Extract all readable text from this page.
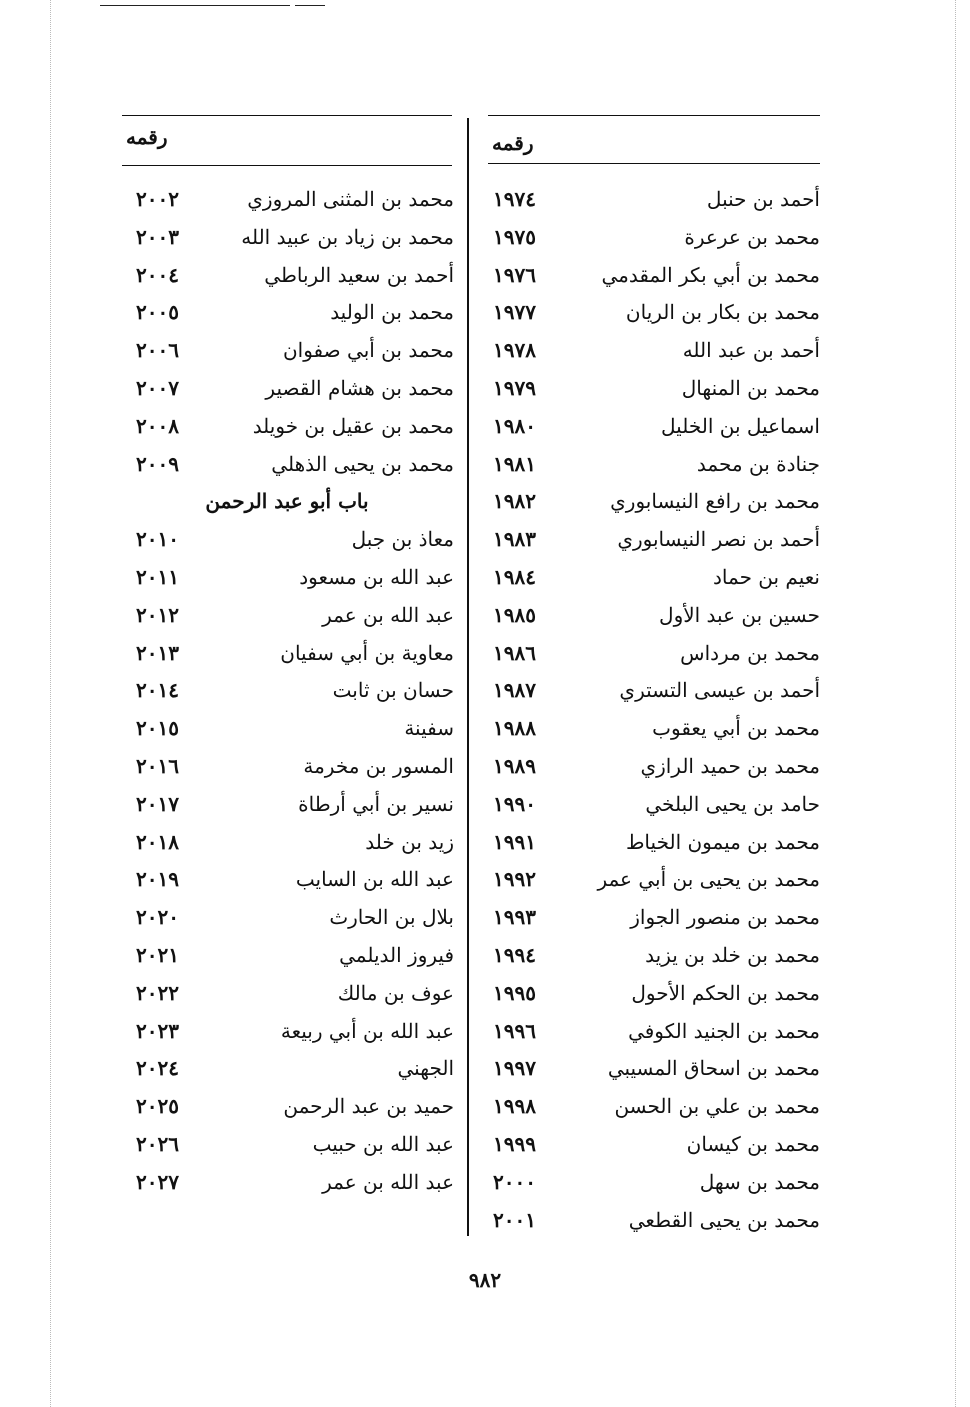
رقمه
رقمه
أحمد بن حنبل
١٩٧٤
محمد بن عرعرة
١٩٧٥
محمد بن أبي بكر المقدمي
١٩٧٦
محمد بن بكار بن الريان
١٩٧٧
أحمد بن عبد الله
١٩٧٨
محمد بن المنهال
١٩٧٩
اسماعيل بن الخليل
١٩٨٠
جنادة بن محمد
١٩٨١
محمد بن رافع النيسابوري
١٩٨٢
أحمد بن نصر النيسابوري
١٩٨٣
نعيم بن حماد
١٩٨٤
حسين بن عبد الأول
١٩٨٥
محمد بن مرداس
١٩٨٦
أحمد بن عيسى التستري
١٩٨٧
محمد بن أبي يعقوب
١٩٨٨
محمد بن حميد الرازي
١٩٨٩
حامد بن يحيى البلخي
١٩٩٠
محمد بن ميمون الخياط
١٩٩١
محمد بن يحيى بن أبي عمر
١٩٩٢
محمد بن منصور الجواز
١٩٩٣
محمد بن خلد بن يزيد
١٩٩٤
محمد بن الحكم الأحول
١٩٩٥
محمد بن الجنيد الكوفي
١٩٩٦
محمد بن اسحاق المسيبي
١٩٩٧
محمد بن علي بن الحسن
١٩٩٨
محمد بن كيسان
١٩٩٩
محمد بن سهل
٢٠٠٠
محمد بن يحيى القطعي
٢٠٠١
محمد بن المثنى المروزي
٢٠٠٢
محمد بن زياد بن عبيد الله
٢٠٠٣
أحمد بن سعيد الرباطي
٢٠٠٤
محمد بن الوليد
٢٠٠٥
محمد بن أبي صفوان
٢٠٠٦
محمد بن هشام القصير
٢٠٠٧
محمد بن عقيل بن خويلد
٢٠٠٨
محمد بن يحيى الذهلي
٢٠٠٩
باب أبو عبد الرحمن
معاذ بن جبل
٢٠١٠
عبد الله بن مسعود
٢٠١١
عبد الله بن عمر
٢٠١٢
معاوية بن أبي سفيان
٢٠١٣
حسان بن ثابت
٢٠١٤
سفينة
٢٠١٥
المسور بن مخرمة
٢٠١٦
نسير بن أبي أرطاة
٢٠١٧
زيد بن خلد
٢٠١٨
عبد الله بن السايب
٢٠١٩
بلال بن الحارث
٢٠٢٠
فيروز الديلمي
٢٠٢١
عوف بن مالك
٢٠٢٢
عبد الله بن أبي ربيعة
٢٠٢٣
الجهني
٢٠٢٤
حميد بن عبد الرحمن
٢٠٢٥
عبد الله بن حبيب
٢٠٢٦
عبد الله بن عمر
٢٠٢٧
٩٨٢
